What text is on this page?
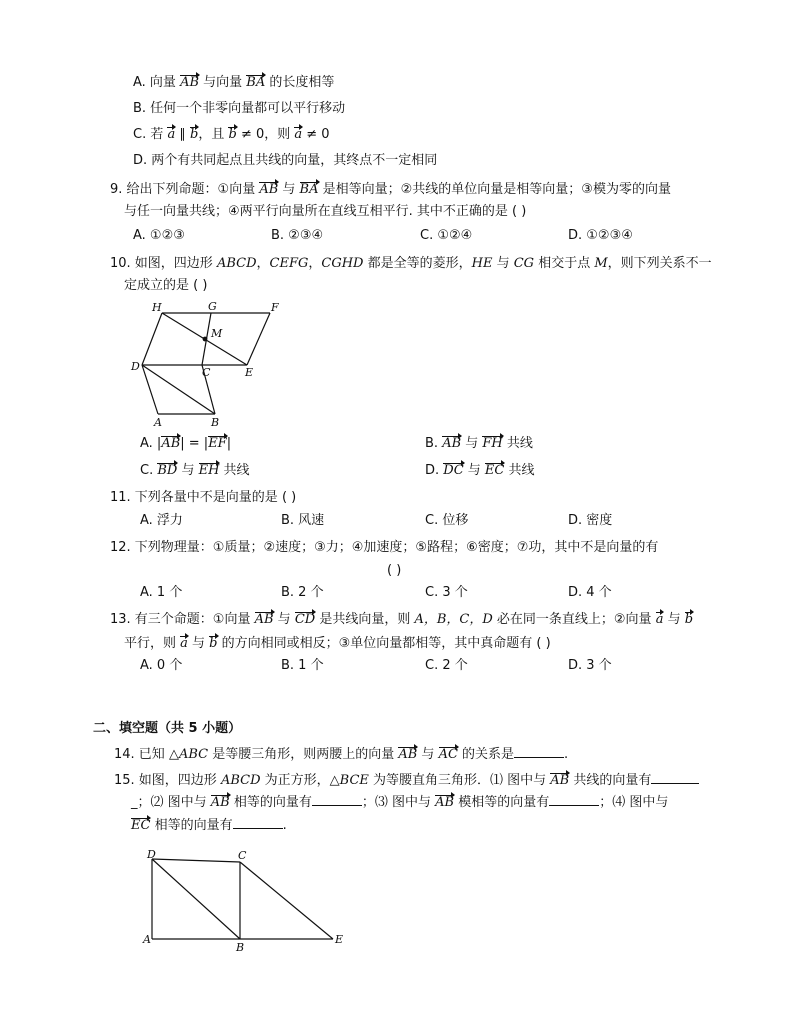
A. 向量 AB 与向量 BA 的长度相等
B. 任何一个非零向量都可以平行移动
C. 若 a ∥ b，且 b ≠ 0，则 a ≠ 0
D. 两个有共同起点且共线的向量，其终点不一定相同
9. 给出下列命题：①向量 AB 与 BA 是相等向量；②共线的单位向量是相等向量；③模为零的向量
与任一向量共线；④两平行向量所在直线互相平行. 其中不正确的是 ( )
A. ①②③	B. ②③④	C. ①②④	D. ①②③④
10. 如图，四边形 ABCD，CEFG，CGHD 都是全等的菱形，HE 与 CG 相交于点 M，则下列关系不一
定成立的是 ( )
H	G	F
M
D	C	E
A	B
A. |AB| = |EF|	B. AB 与 FH 共线
C. BD 与 EH 共线	D. DC 与 EC 共线
11. 下列各量中不是向量的是 ( )
A. 浮力	B. 风速	C. 位移	D. 密度
12. 下列物理量：①质量；②速度；③力；④加速度；⑤路程；⑥密度；⑦功，其中不是向量的有
( )
A. 1 个	B. 2 个	C. 3 个	D. 4 个
13. 有三个命题：①向量 AB 与 CD 是共线向量，则 A，B，C，D 必在同一条直线上；②向量 a 与 b
平行，则 a 与 b 的方向相同或相反；③单位向量都相等，其中真命题有 ( )
A. 0 个	B. 1 个	C. 2 个	D. 3 个
二、填空题（共 5 小题）
14. 已知 △ABC 是等腰三角形，则两腰上的向量 AB 与 AC 的关系是	.
15. 如图，四边形 ABCD 为正方形，△BCE 为等腰直角三角形．⑴ 图中与 AB 共线的向量有
_；⑵ 图中与 AB 相等的向量有	；⑶ 图中与 AB 模相等的向量有	；⑷ 图中与
EC 相等的向量有	.
D	C
A
B
E
